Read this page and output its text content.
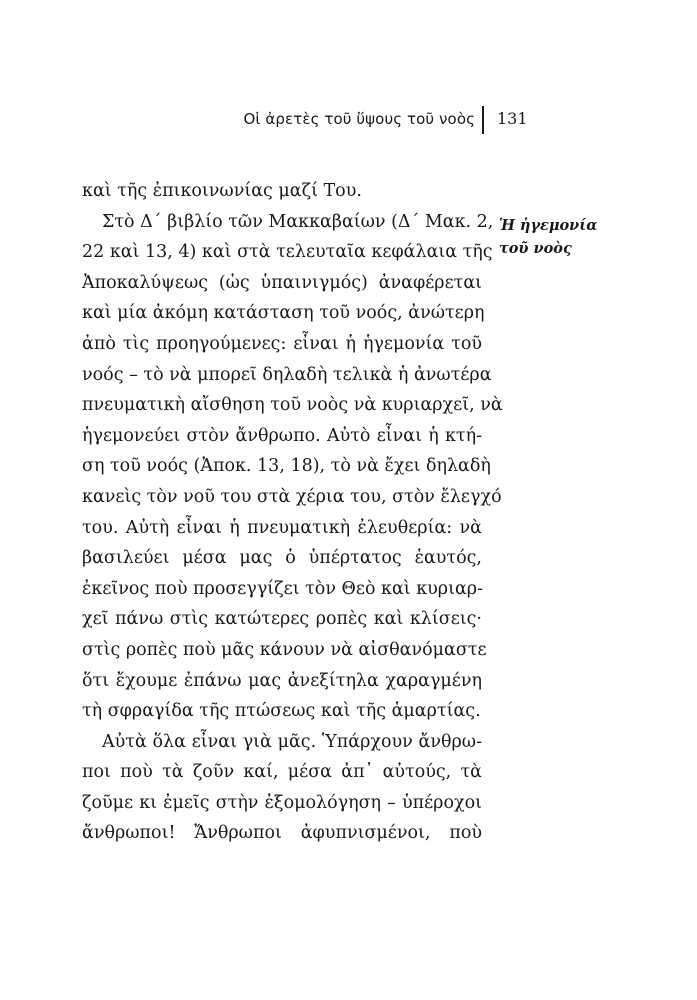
Οἱ ἀρετὲς τοῦ ὕψους τοῦ νοὸς 131
Ἡ ἡγεμονία
τοῦ νοὸς
καὶ τῆς ἐπικοινωνίας μαζί Του.
Στὸ Δ΄ βιβλίο τῶν Μακκαβαίων (Δ΄ Μακ. 2,
22 καὶ 13, 4) καὶ στὰ τελευταῖα κεφάλαια τῆς
Ἀποκαλύψεως (ὡς ὑπαινιγμός) ἀναφέρεται
καὶ μία ἀκόμη κατάσταση τοῦ νοός, ἀνώτερη
ἀπὸ τὶς προηγούμενες: εἶναι ἡ ἡγεμονία τοῦ
νοός – τὸ νὰ μπορεῖ δηλαδὴ τελικὰ ἡ ἀνωτέρα
πνευματικὴ αἴσθηση τοῦ νοὸς νὰ κυριαρχεῖ, νὰ
ἡγεμονεύει στὸν ἄνθρωπο. Αὐτὸ εἶναι ἡ κτή-
ση τοῦ νοός (Ἀποκ. 13, 18), τὸ νὰ ἔχει δηλαδὴ
κανεὶς τὸν νοῦ του στὰ χέρια του, στὸν ἔλεγχό
του. Αὐτὴ εἶναι ἡ πνευματικὴ ἐλευθερία: νὰ
βασιλεύει μέσα μας ὁ ὑπέρτατος ἑαυτός,
ἐκεῖνος ποὺ προσεγγίζει τὸν Θεὸ καὶ κυριαρ-
χεῖ πάνω στὶς κατώτερες ροπὲς καὶ κλίσεις·
στὶς ροπὲς ποὺ μᾶς κάνουν νὰ αἰσθανόμαστε
ὅτι ἔχουμε ἐπάνω μας ἀνεξίτηλα χαραγμένη
τὴ σφραγίδα τῆς πτώσεως καὶ τῆς ἁμαρτίας.
Αὐτὰ ὅλα εἶναι γιὰ μᾶς. Ὑπάρχουν ἄνθρω-
ποι ποὺ τὰ ζοῦν καί, μέσα ἀπ᾽ αὐτούς, τὰ
ζοῦμε κι ἐμεῖς στὴν ἐξομολόγηση – ὑπέροχοι
ἄνθρωποι! Ἄνθρωποι ἀφυπνισμένοι, ποὺ
